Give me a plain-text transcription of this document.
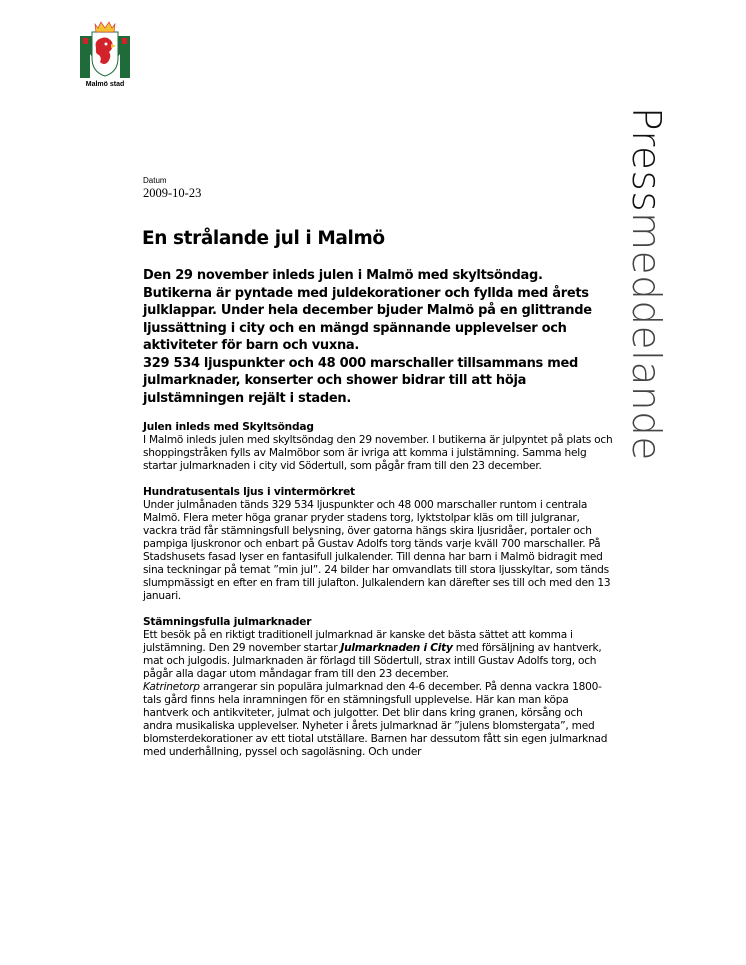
Malmö stad
Pressmeddelande
Datum
2009-10-23
En strålande jul i Malmö

Den 29 november inleds julen i Malmö med skyltsöndag. Butikerna är pyntade med juldekorationer och fyllda med årets julklappar. Under hela december bjuder Malmö på en glittrande ljussättning i city och en mängd spännande upplevelser och aktiviteter för barn och vuxna.

329 534 ljuspunkter och 48 000 marschaller tillsammans med julmarknader, konserter och shower bidrar till att höja julstämningen rejält i staden.

Julen inleds med Skyltsöndag

I Malmö inleds julen med skyltsöndag den 29 november. I butikerna är julpyntet på plats och shoppingstråken fylls av Malmöbor som är ivriga att komma i julstämning. Samma helg startar julmarknaden i city vid Södertull, som pågår fram till den 23 december.

Hundratusentals ljus i vintermörkret

Under julmånaden tänds 329 534 ljuspunkter och 48 000 marschaller runtom i centrala Malmö. Flera meter höga granar pryder stadens torg, lyktstolpar kläs om till julgranar, vackra träd får stämningsfull belysning, över gatorna hängs skira ljusridåer, portaler och pampiga ljuskronor och enbart på Gustav Adolfs torg tänds varje kväll 700 marschaller. På Stadshusets fasad lyser en fantasifull julkalender. Till denna har barn i Malmö bidragit med sina teckningar på temat ”min jul”. 24 bilder har omvandlats till stora ljusskyltar, som tänds slumpmässigt en efter en fram till julafton. Julkalendern kan därefter ses till och med den 13 januari.

Stämningsfulla julmarknader

Ett besök på en riktigt traditionell julmarknad är kanske det bästa sättet att komma i julstämning. Den 29 november startar Julmarknaden i City med försäljning av hantverk, mat och julgodis. Julmarknaden är förlagd till Södertull, strax intill Gustav Adolfs torg, och pågår alla dagar utom måndagar fram till den 23 december.

Katrinetorp arrangerar sin populära julmarknad den 4-6 december. På denna vackra 1800-tals gård finns hela inramningen för en stämningsfull upplevelse. Här kan man köpa hantverk och antikviteter, julmat och julgotter. Det blir dans kring granen, körsång och andra musikaliska upplevelser. Nyheter i årets julmarknad är ”julens blomstergata”, med blomsterdekorationer av ett tiotal utställare. Barnen har dessutom fått sin egen julmarknad med underhållning, pyssel och sagoläsning. Och under
